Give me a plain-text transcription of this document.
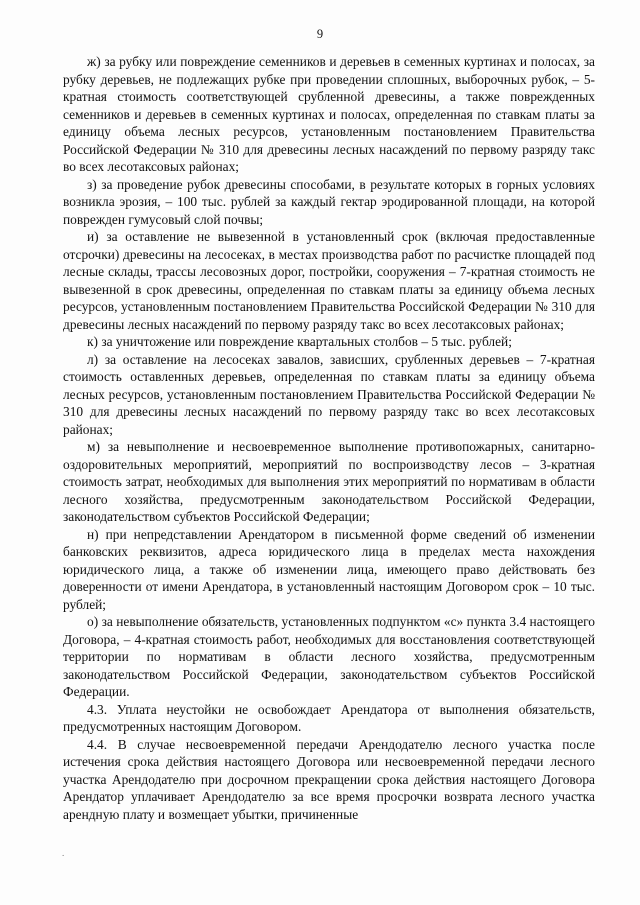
9

ж) за рубку или повреждение семенников и деревьев в семенных куртинах и полосах, за рубку деревьев, не подлежащих рубке при проведении сплошных, выборочных рубок, – 5-кратная стоимость соответствующей срубленной древесины, а также поврежденных семенников и деревьев в семенных куртинах и полосах, определенная по ставкам платы за единицу объема лесных ресурсов, установленным постановлением Правительства Российской Федерации № 310 для древесины лесных насаждений по первому разряду такс во всех лесотаксовых районах;

з) за проведение рубок древесины способами, в результате которых в горных условиях возникла эрозия, – 100 тыс. рублей за каждый гектар эродированной площади, на которой поврежден гумусовый слой почвы;

и) за оставление не вывезенной в установленный срок (включая предоставленные отсрочки) древесины на лесосеках, в местах производства работ по расчистке площадей под лесные склады, трассы лесовозных дорог, постройки, сооружения – 7-кратная стоимость не вывезенной в срок древесины, определенная по ставкам платы за единицу объема лесных ресурсов, установленным постановлением Правительства Российской Федерации № 310 для древесины лесных насаждений по первому разряду такс во всех лесотаксовых районах;

к) за уничтожение или повреждение квартальных столбов – 5 тыс. рублей;

л) за оставление на лесосеках завалов, зависших, срубленных деревьев – 7-кратная стоимость оставленных деревьев, определенная по ставкам платы за единицу объема лесных ресурсов, установленным постановлением Правительства Российской Федерации № 310 для древесины лесных насаждений по первому разряду такс во всех лесотаксовых районах;

м) за невыполнение и несвоевременное выполнение противопожарных, санитарно-оздоровительных мероприятий, мероприятий по воспроизводству лесов – 3-кратная стоимость затрат, необходимых для выполнения этих мероприятий по нормативам в области лесного хозяйства, предусмотренным законодательством Российской Федерации, законодательством субъектов Российской Федерации;

н) при непредставлении Арендатором в письменной форме сведений об изменении банковских реквизитов, адреса юридического лица в пределах места нахождения юридического лица, а также об изменении лица, имеющего право действовать без доверенности от имени Арендатора, в установленный настоящим Договором срок – 10 тыс. рублей;

о) за невыполнение обязательств, установленных подпунктом «с» пункта 3.4 настоящего Договора, – 4-кратная стоимость работ, необходимых для восстановления соответствующей территории по нормативам в области лесного хозяйства, предусмотренным законодательством Российской Федерации, законодательством субъектов Российской Федерации.

4.3. Уплата неустойки не освобождает Арендатора от выполнения обязательств, предусмотренных настоящим Договором.

4.4. В случае несвоевременной передачи Арендодателю лесного участка после истечения срока действия настоящего Договора или несвоевременной передачи лесного участка Арендодателю при досрочном прекращении срока действия настоящего Договора Арендатор уплачивает Арендодателю за все время просрочки возврата лесного участка арендную плату и возмещает убытки, причиненные

.
